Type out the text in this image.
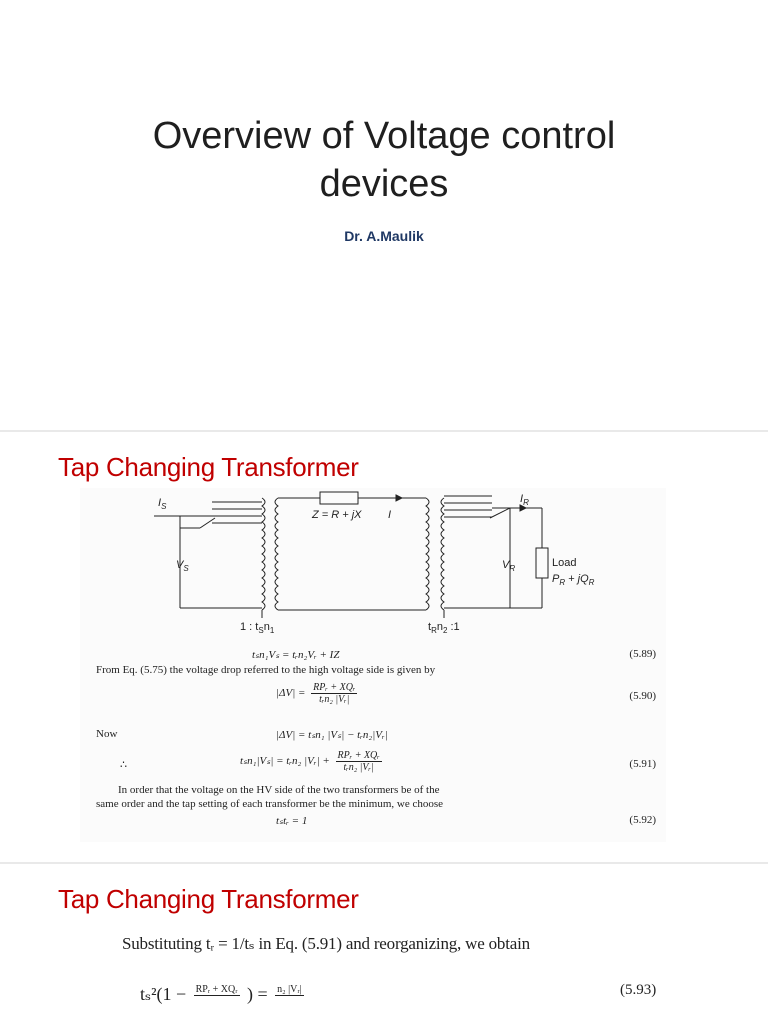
Overview of Voltage control
devices
Dr. A.Maulik
Tap Changing Transformer
$I_S$
$V_S$
Z = R + jX I
$I_R$
$V_R$	Load
$P_R + jQ_R$
1 : $t_Sn_1$	$t_Rn_2$ :1
tₛn₁Vₛ = tᵣn₂Vᵣ + IZ	(5.89)
From Eq. (5.75) the voltage drop referred to the high voltage side is given by
$|\Delta V| = \frac{\text{RPᵣ + XQᵣ}}{\text{tᵣn₂ |Vᵣ|}}$	(5.90)
Now	|ΔV| = tₛn₁ |Vₛ| − tᵣn₂|Vᵣ|
∴	tₛn₁|Vₛ| = tᵣn₂ |Vᵣ| + $\frac{\text{RPᵣ + XQᵣ}}{\text{tᵣn₂ |Vᵣ|}}$	(5.91)
In order that the voltage on the HV side of the two transformers be of the
same order and the tap setting of each transformer be the minimum, we choose
tₛtᵣ = 1	(5.92)
Tap Changing Transformer
Substituting tᵣ = 1/tₛ in Eq. (5.91) and reorganizing, we obtain
tₛ²(1 − RPᵣ + XQᵣ
) = n₂ |Vᵣ|
	(5.93)
